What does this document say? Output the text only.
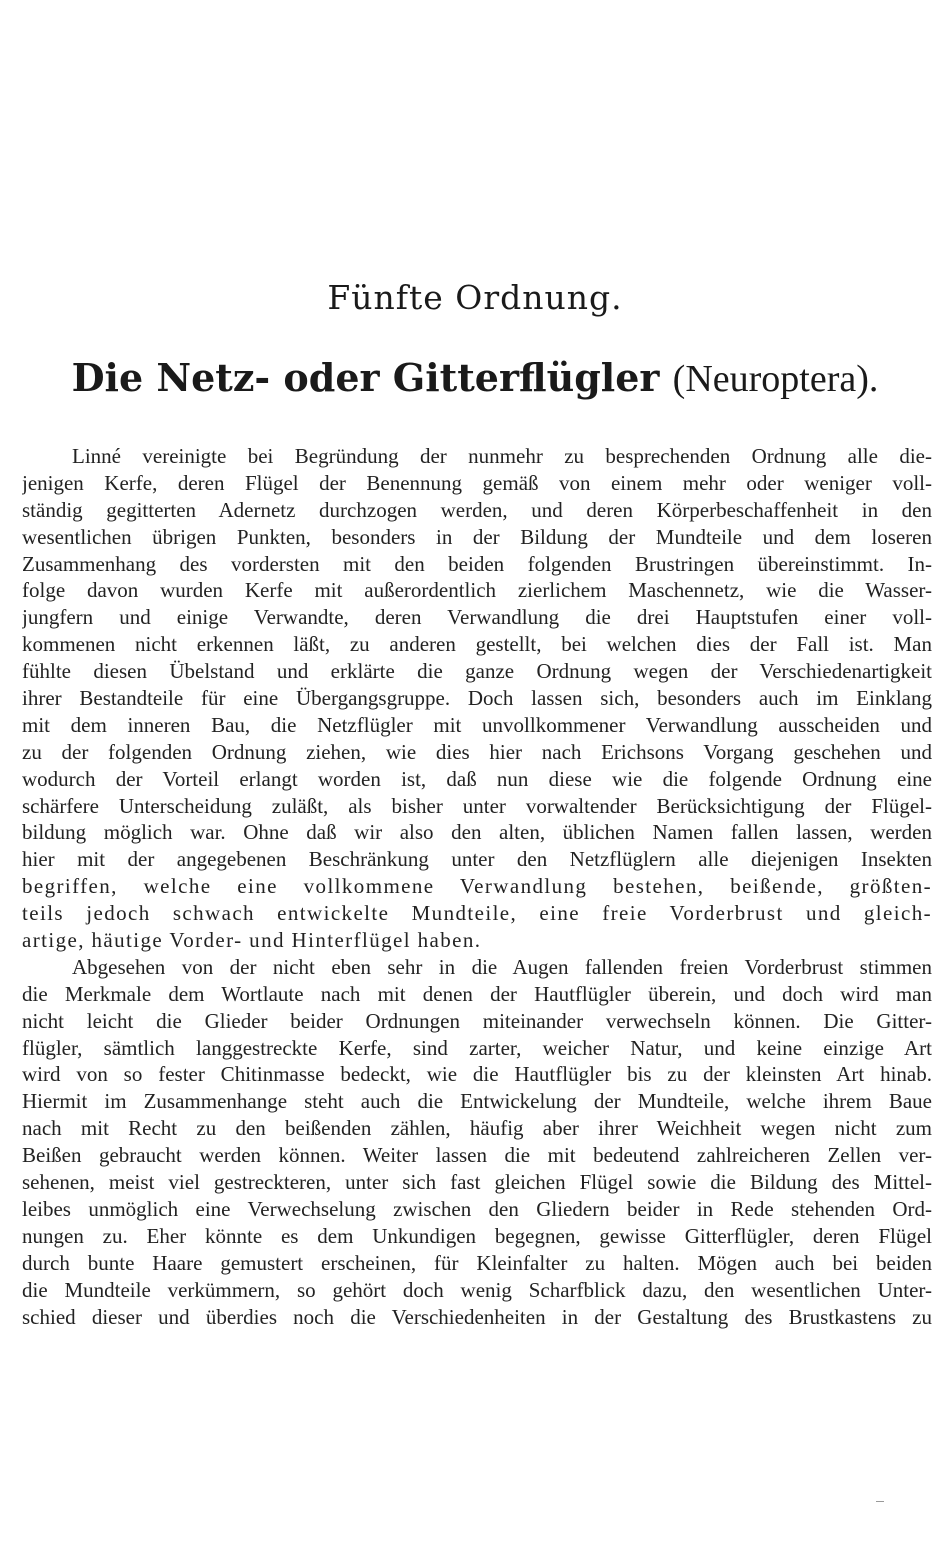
Fünfte Ordnung.
Die Netz- oder Gitterflügler (Neuroptera).
Linné vereinigte bei Begründung der nunmehr zu besprechenden Ordnung alle die-
jenigen Kerfe, deren Flügel der Benennung gemäß von einem mehr oder weniger voll-
ständig gegitterten Adernetz durchzogen werden, und deren Körperbeschaffenheit in den
wesentlichen übrigen Punkten, besonders in der Bildung der Mundteile und dem loseren
Zusammenhang des vordersten mit den beiden folgenden Brustringen übereinstimmt. In-
folge davon wurden Kerfe mit außerordentlich zierlichem Maschennetz, wie die Wasser-
jungfern und einige Verwandte, deren Verwandlung die drei Hauptstufen einer voll-
kommenen nicht erkennen läßt, zu anderen gestellt, bei welchen dies der Fall ist. Man
fühlte diesen Übelstand und erklärte die ganze Ordnung wegen der Verschiedenartigkeit
ihrer Bestandteile für eine Übergangsgruppe. Doch lassen sich, besonders auch im Einklang
mit dem inneren Bau, die Netzflügler mit unvollkommener Verwandlung ausscheiden und
zu der folgenden Ordnung ziehen, wie dies hier nach Erichsons Vorgang geschehen und
wodurch der Vorteil erlangt worden ist, daß nun diese wie die folgende Ordnung eine
schärfere Unterscheidung zuläßt, als bisher unter vorwaltender Berücksichtigung der Flügel-
bildung möglich war. Ohne daß wir also den alten, üblichen Namen fallen lassen, werden
hier mit der angegebenen Beschränkung unter den Netzflüglern alle diejenigen Insekten
begriffen, welche eine vollkommene Verwandlung bestehen, beißende, größten-
teils jedoch schwach entwickelte Mundteile, eine freie Vorderbrust und gleich-
artige, häutige Vorder- und Hinterflügel haben.
Abgesehen von der nicht eben sehr in die Augen fallenden freien Vorderbrust stimmen
die Merkmale dem Wortlaute nach mit denen der Hautflügler überein, und doch wird man
nicht leicht die Glieder beider Ordnungen miteinander verwechseln können. Die Gitter-
flügler, sämtlich langgestreckte Kerfe, sind zarter, weicher Natur, und keine einzige Art
wird von so fester Chitinmasse bedeckt, wie die Hautflügler bis zu der kleinsten Art hinab.
Hiermit im Zusammenhange steht auch die Entwickelung der Mundteile, welche ihrem Baue
nach mit Recht zu den beißenden zählen, häufig aber ihrer Weichheit wegen nicht zum
Beißen gebraucht werden können. Weiter lassen die mit bedeutend zahlreicheren Zellen ver-
sehenen, meist viel gestreckteren, unter sich fast gleichen Flügel sowie die Bildung des Mittel-
leibes unmöglich eine Verwechselung zwischen den Gliedern beider in Rede stehenden Ord-
nungen zu. Eher könnte es dem Unkundigen begegnen, gewisse Gitterflügler, deren Flügel
durch bunte Haare gemustert erscheinen, für Kleinfalter zu halten. Mögen auch bei beiden
die Mundteile verkümmern, so gehört doch wenig Scharfblick dazu, den wesentlichen Unter-
schied dieser und überdies noch die Verschiedenheiten in der Gestaltung des Brustkastens zu
